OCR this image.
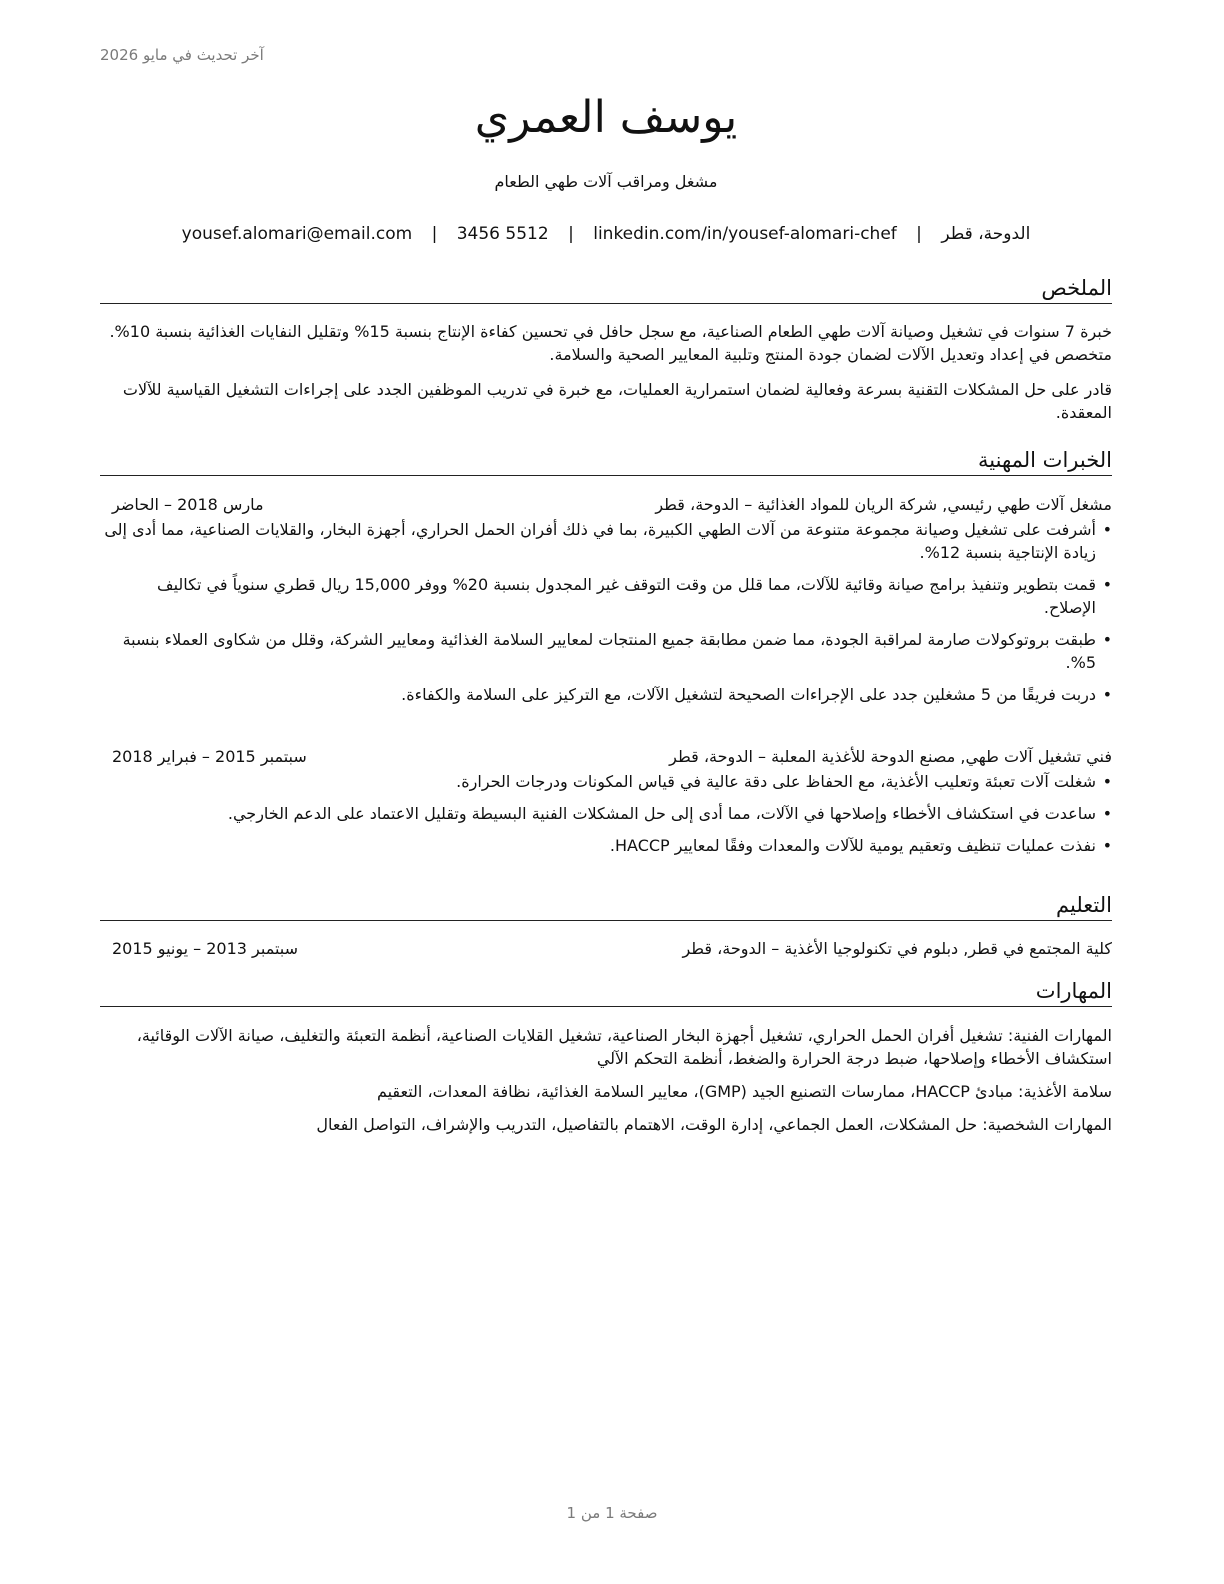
آخر تحديث في مايو 2026
يوسف العمري
مشغل ومراقب آلات طهي الطعام
الدوحة، قطر | yousef.alomari@email.com | 3456 5512 | linkedin.com/in/yousef-alomari-chef
الملخص

خبرة 7 سنوات في تشغيل وصيانة آلات طهي الطعام الصناعية، مع سجل حافل في تحسين كفاءة الإنتاج بنسبة 15% وتقليل النفايات الغذائية بنسبة 10%. متخصص في إعداد وتعديل الآلات لضمان جودة المنتج وتلبية المعايير الصحية والسلامة.

قادر على حل المشكلات التقنية بسرعة وفعالية لضمان استمرارية العمليات، مع خبرة في تدريب الموظفين الجدد على إجراءات التشغيل القياسية للآلات المعقدة.

الخبرات المهنية
مشغل آلات طهي رئيسي, شركة الريان للمواد الغذائية – الدوحة، قطر
مارس 2018 – الحاضر
• أشرفت على تشغيل وصيانة مجموعة متنوعة من آلات الطهي الكبيرة، بما في ذلك أفران الحمل الحراري، أجهزة البخار، والقلايات الصناعية، مما أدى إلى زيادة الإنتاجية بنسبة 12%.
• قمت بتطوير وتنفيذ برامج صيانة وقائية للآلات، مما قلل من وقت التوقف غير المجدول بنسبة 20% ووفر 15,000 ريال قطري سنوياً في تكاليف الإصلاح.
• طبقت بروتوكولات صارمة لمراقبة الجودة، مما ضمن مطابقة جميع المنتجات لمعايير السلامة الغذائية ومعايير الشركة، وقلل من شكاوى العملاء بنسبة 5%.
• دربت فريقًا من 5 مشغلين جدد على الإجراءات الصحيحة لتشغيل الآلات، مع التركيز على السلامة والكفاءة.
فني تشغيل آلات طهي, مصنع الدوحة للأغذية المعلبة – الدوحة، قطر
سبتمبر 2015 – فبراير 2018
• شغلت آلات تعبئة وتعليب الأغذية، مع الحفاظ على دقة عالية في قياس المكونات ودرجات الحرارة.
• ساعدت في استكشاف الأخطاء وإصلاحها في الآلات، مما أدى إلى حل المشكلات الفنية البسيطة وتقليل الاعتماد على الدعم الخارجي.
• نفذت عمليات تنظيف وتعقيم يومية للآلات والمعدات وفقًا لمعايير HACCP.
التعليم
كلية المجتمع في قطر, دبلوم في تكنولوجيا الأغذية – الدوحة، قطر
سبتمبر 2013 – يونيو 2015
المهارات

المهارات الفنية: تشغيل أفران الحمل الحراري، تشغيل أجهزة البخار الصناعية، تشغيل القلايات الصناعية، أنظمة التعبئة والتغليف، صيانة الآلات الوقائية، استكشاف الأخطاء وإصلاحها، ضبط درجة الحرارة والضغط، أنظمة التحكم الآلي

سلامة الأغذية: مبادئ HACCP، ممارسات التصنيع الجيد (GMP)، معايير السلامة الغذائية، نظافة المعدات، التعقيم

المهارات الشخصية: حل المشكلات، العمل الجماعي، إدارة الوقت، الاهتمام بالتفاصيل، التدريب والإشراف، التواصل الفعال

صفحة 1 من 1
